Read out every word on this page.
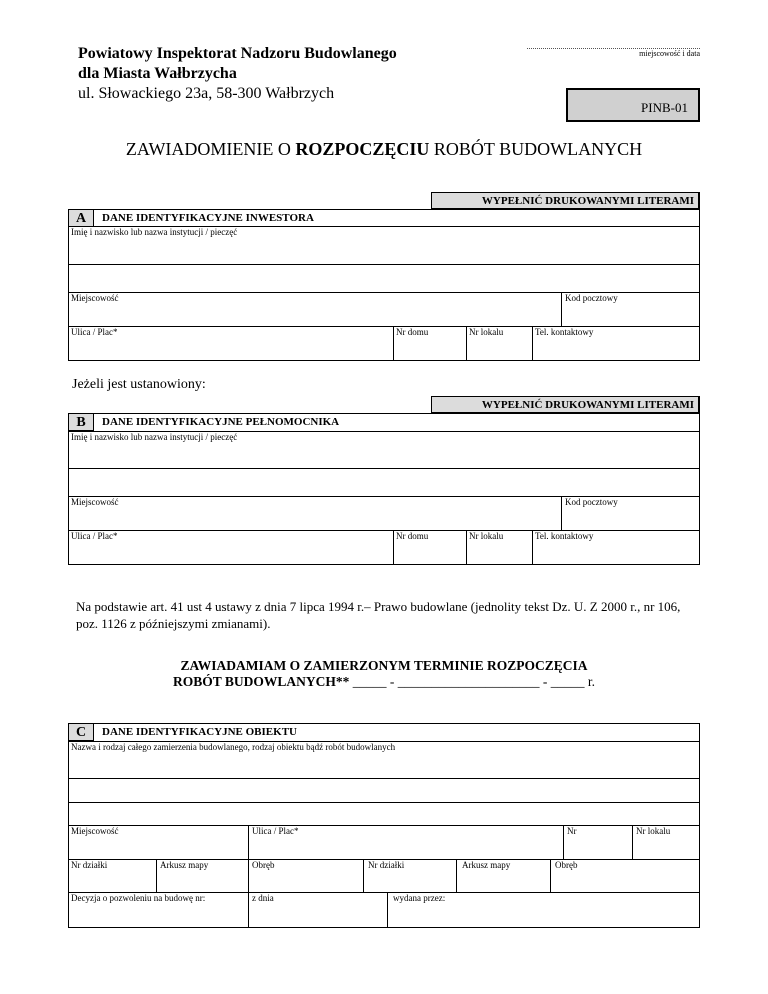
Powiatowy Inspektorat Nadzoru Budowlanego
dla Miasta Wałbrzycha
ul. Słowackiego 23a, 58-300 Wałbrzych
miejscowość i data
PINB-01
ZAWIADOMIENIE O ROZPOCZĘCIU ROBÓT BUDOWLANYCH
WYPEŁNIĆ DRUKOWANYMI LITERAMI
A	DANE IDENTYFIKACYJNE INWESTORA
Imię i nazwisko lub nazwa instytucji / pieczęć
Miejscowość	Kod pocztowy
Ulica / Plac*	Nr domu	Nr lokalu	Tel. kontaktowy
Jeżeli jest ustanowiony:
WYPEŁNIĆ DRUKOWANYMI LITERAMI
B	DANE IDENTYFIKACYJNE PEŁNOMOCNIKA
Imię i nazwisko lub nazwa instytucji / pieczęć
Miejscowość	Kod pocztowy
Ulica / Plac*	Nr domu	Nr lokalu	Tel. kontaktowy
Na podstawie art. 41 ust 4 ustawy z dnia 7 lipca 1994 r.– Prawo budowlane (jednolity tekst Dz. U. Z 2000 r., nr 106, poz. 1126 z późniejszymi zmianami).
ZAWIADAMIAM O ZAMIERZONYM TERMINIE ROZPOCZĘCIA
ROBÓT BUDOWLANYCH** _____ - _____________________ - _____ r.
C	DANE IDENTYFIKACYJNE OBIEKTU
Nazwa i rodzaj całego zamierzenia budowlanego, rodzaj obiektu bądź robót budowlanych
Miejscowość	Ulica / Plac*	Nr	Nr lokalu
Nr działki	Arkusz mapy	Obręb	Nr działki	Arkusz mapy	Obręb
Decyzja o pozwoleniu na budowę nr:	z dnia	wydana przez:
